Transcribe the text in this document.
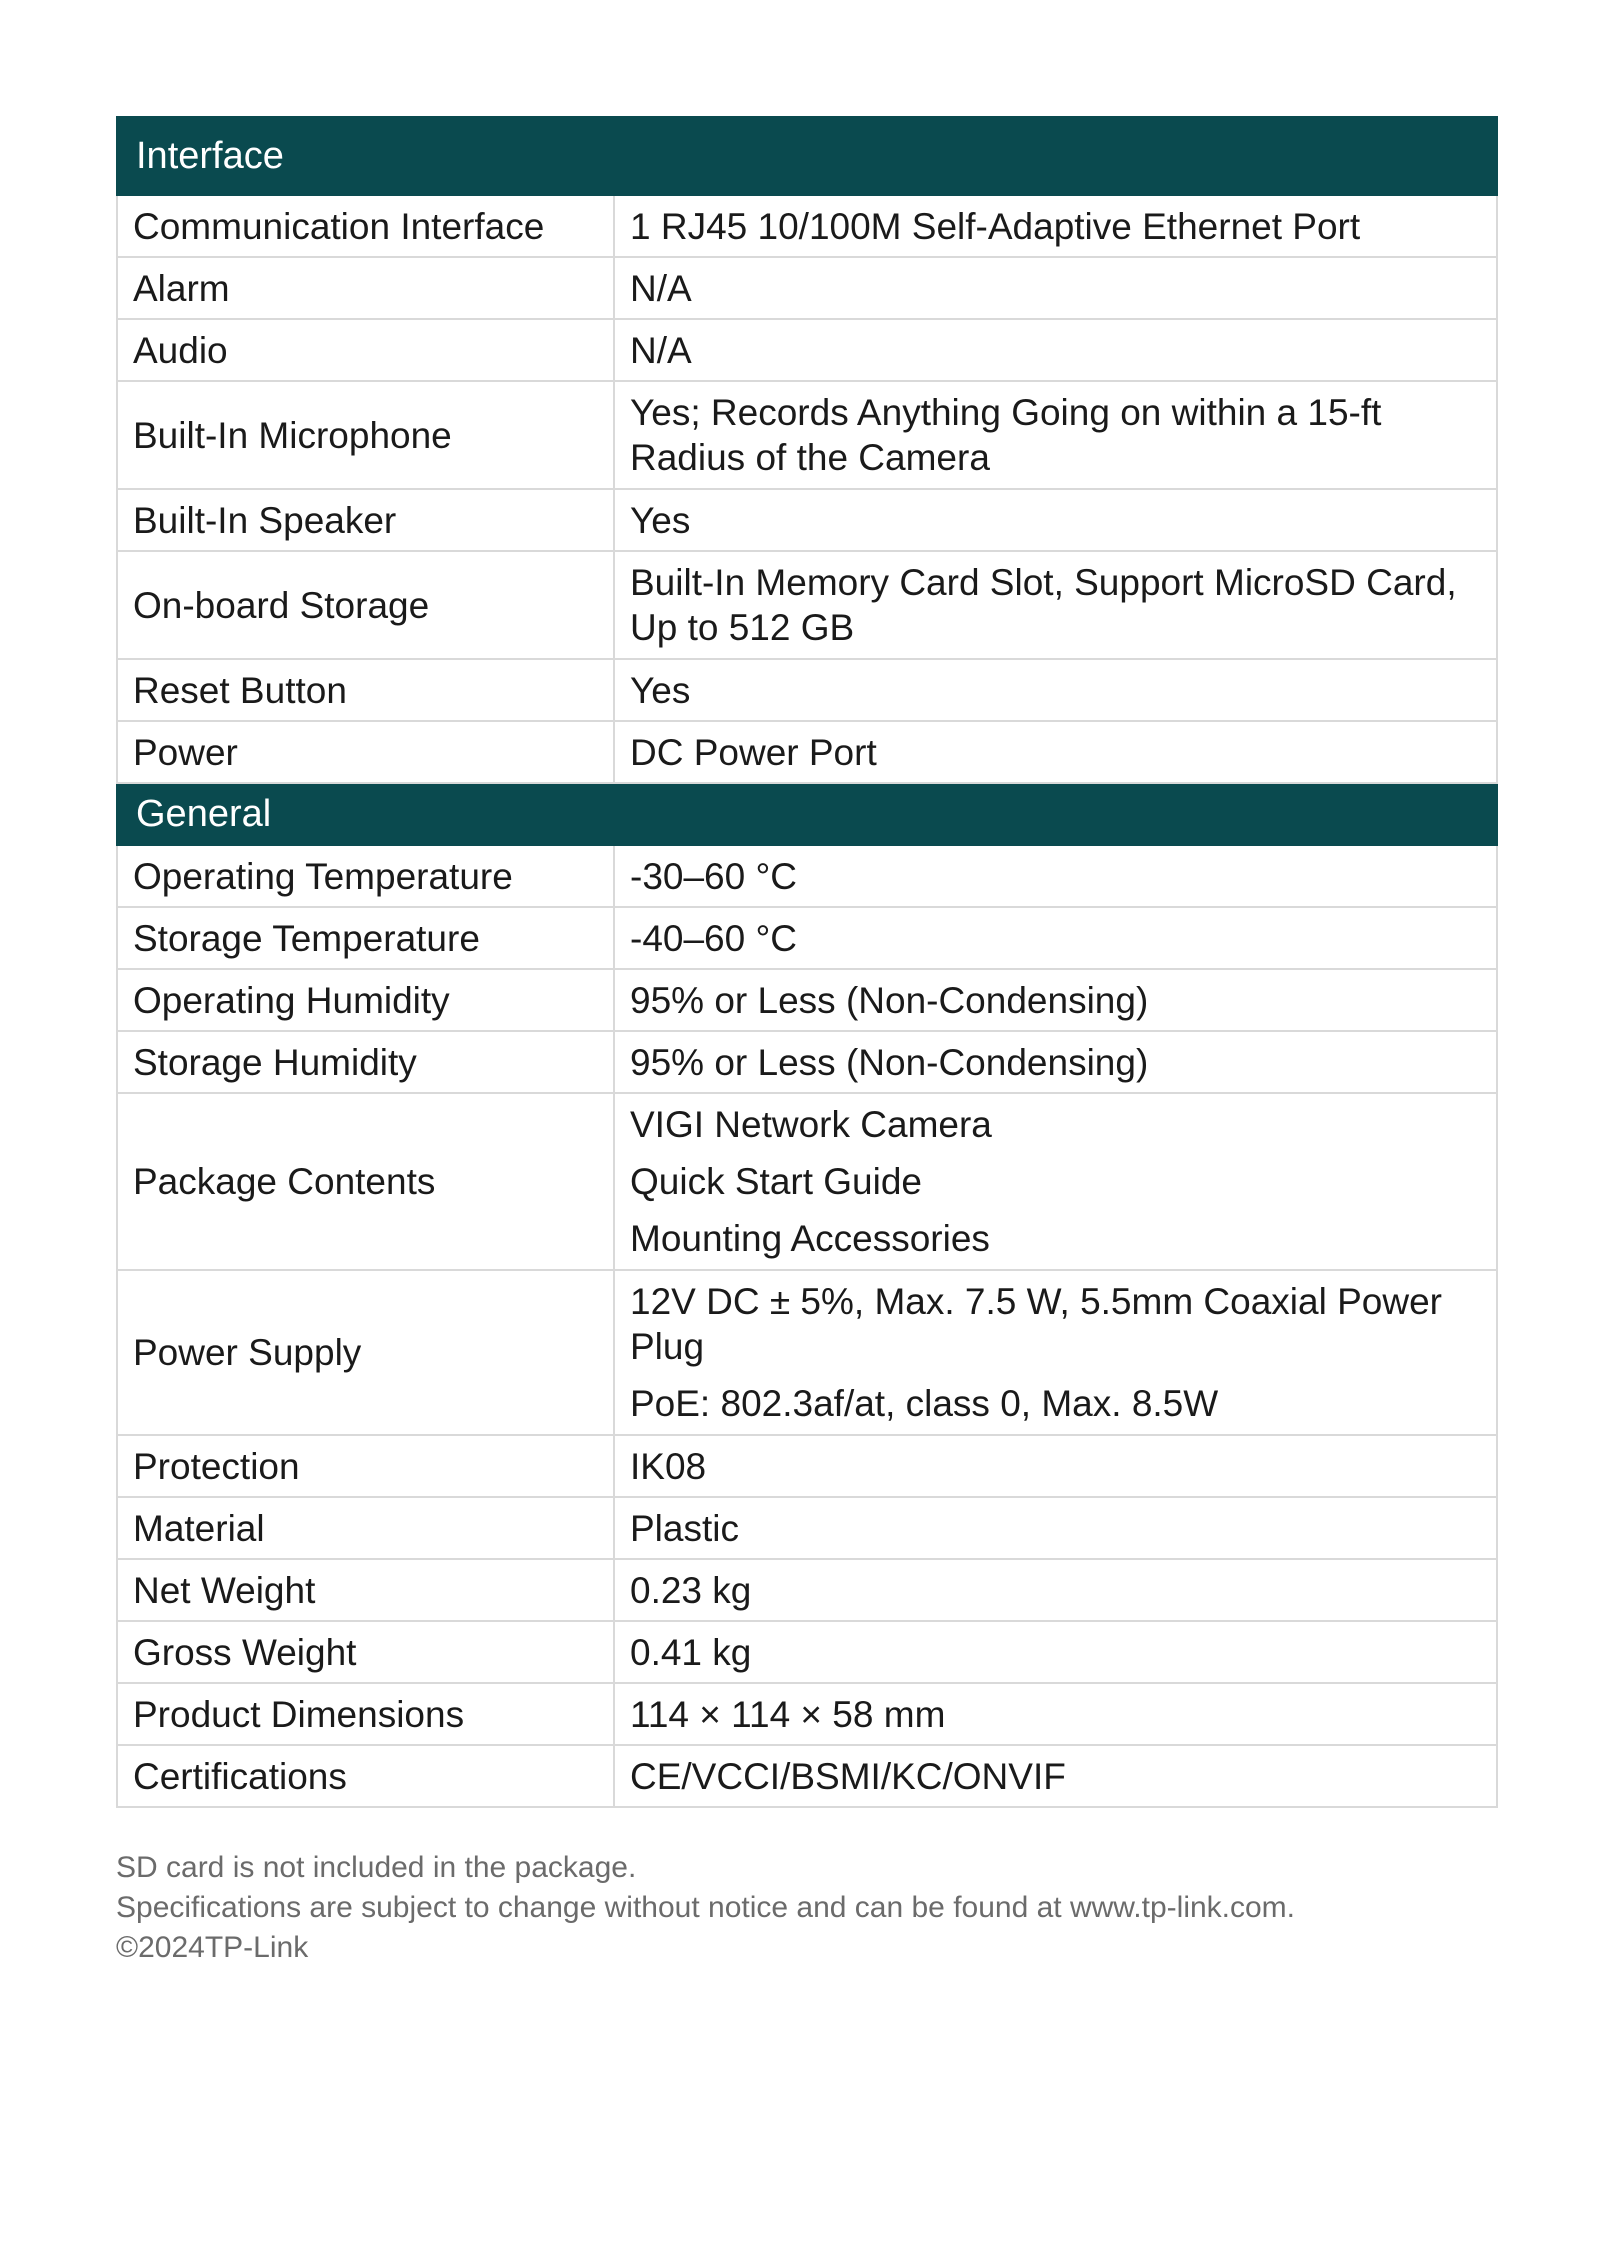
Interface	
Communication Interface	1 RJ45 10/100M Self-Adaptive Ethernet Port

Alarm	N/A

Audio	N/A

Built-In Microphone	Yes; Records Anything Going on within a 15-ft Radius of the Camera

Built-In Speaker	Yes

On-board Storage	Built-In Memory Card Slot, Support MicroSD Card, Up to 512 GB

Reset Button	Yes

Power	DC Power Port

General	
Operating Temperature	-30–60 °C

Storage Temperature	-40–60 °C

Operating Humidity	95% or Less (Non-Condensing)

Storage Humidity	95% or Less (Non-Condensing)

Package Contents	VIGI Network Camera
Quick Start Guide
Mounting Accessories

Power Supply	12V DC ± 5%, Max. 7.5 W, 5.5mm Coaxial Power Plug
PoE: 802.3af/at, class 0, Max. 8.5W

Protection	IK08

Material	Plastic

Net Weight	0.23 kg

Gross Weight	0.41 kg

Product Dimensions	114 × 114 × 58 mm

Certifications	CE/VCCI/BSMI/KC/ONVIF
SD card is not included in the package.
Specifications are subject to change without notice and can be found at www.tp-link.com.
©2024TP-Link
